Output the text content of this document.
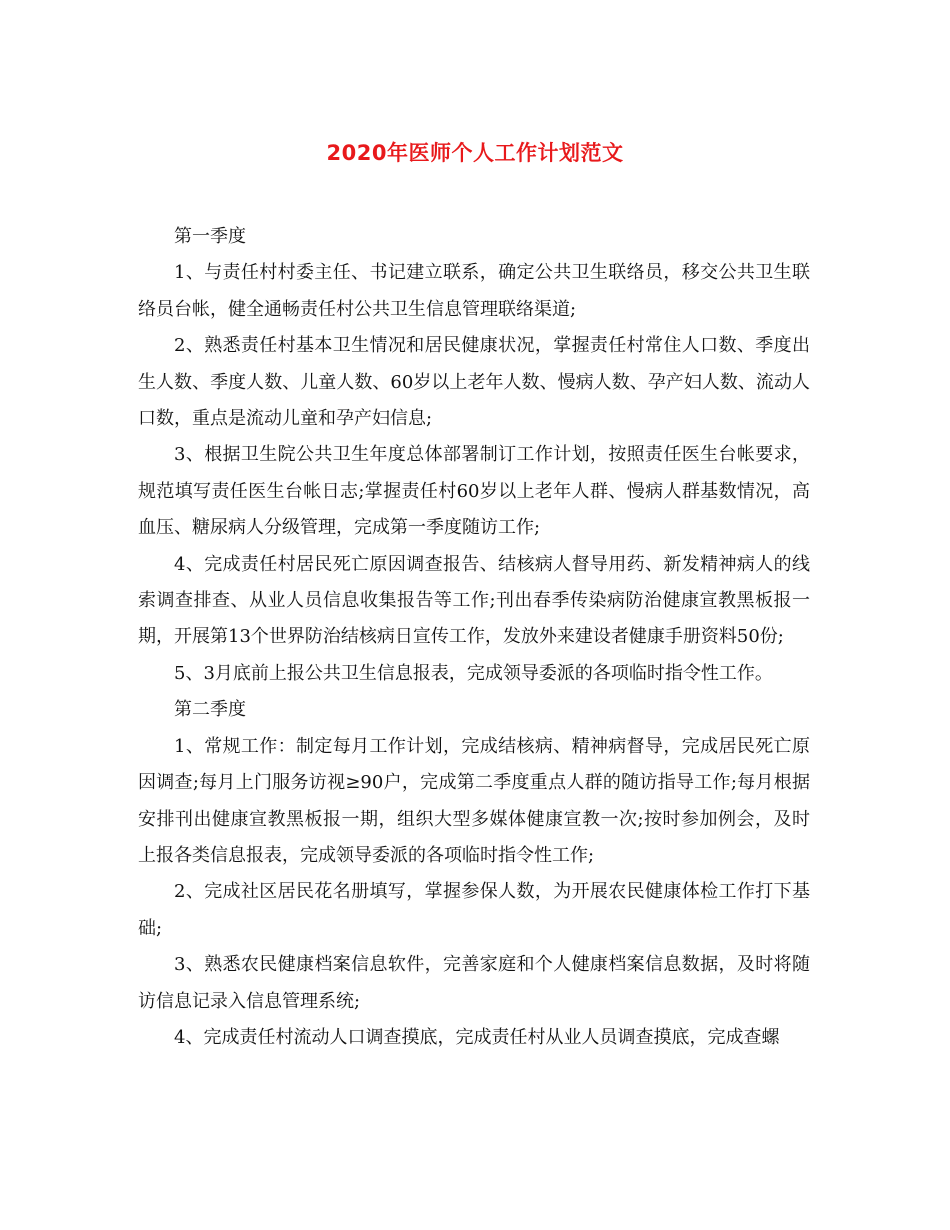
2020年医师个人工作计划范文

第一季度

1、与责任村村委主任、书记建立联系，确定公共卫生联络员，移交公共卫生联络员台帐，健全通畅责任村公共卫生信息管理联络渠道;

2、熟悉责任村基本卫生情况和居民健康状况，掌握责任村常住人口数、季度出生人数、季度人数、儿童人数、60岁以上老年人数、慢病人数、孕产妇人数、流动人口数，重点是流动儿童和孕产妇信息;

3、根据卫生院公共卫生年度总体部署制订工作计划，按照责任医生台帐要求，规范填写责任医生台帐日志;掌握责任村60岁以上老年人群、慢病人群基数情况，高血压、糖尿病人分级管理，完成第一季度随访工作;

4、完成责任村居民死亡原因调查报告、结核病人督导用药、新发精神病人的线索调查排查、从业人员信息收集报告等工作;刊出春季传染病防治健康宣教黑板报一期，开展第13个世界防治结核病日宣传工作，发放外来建设者健康手册资料50份;

5、3月底前上报公共卫生信息报表，完成领导委派的各项临时指令性工作。

第二季度

1、常规工作：制定每月工作计划，完成结核病、精神病督导，完成居民死亡原因调查;每月上门服务访视≥90户，完成第二季度重点人群的随访指导工作;每月根据安排刊出健康宣教黑板报一期，组织大型多媒体健康宣教一次;按时参加例会，及时上报各类信息报表，完成领导委派的各项临时指令性工作;

2、完成社区居民花名册填写，掌握参保人数，为开展农民健康体检工作打下基础;

3、熟悉农民健康档案信息软件，完善家庭和个人健康档案信息数据，及时将随访信息记录入信息管理系统;

4、完成责任村流动人口调查摸底，完成责任村从业人员调查摸底，完成查螺
